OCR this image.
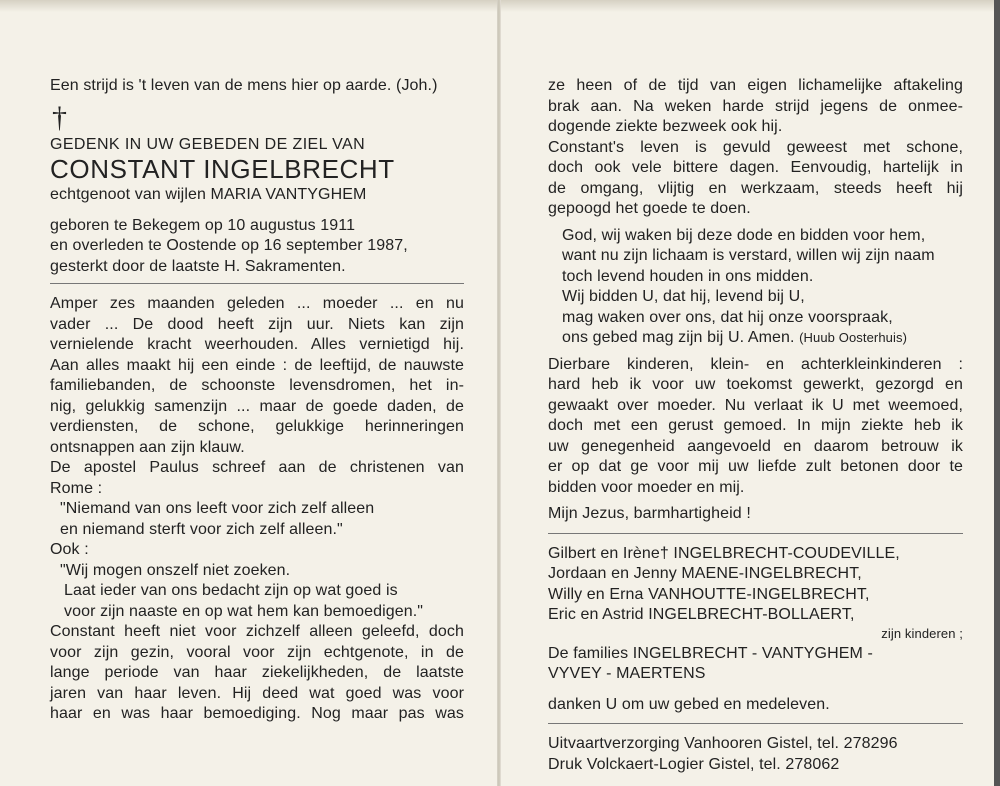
Een strijd is 't leven van de mens hier op aarde. (Joh.)
†
GEDENK IN UW GEBEDEN DE ZIEL VAN
CONSTANT INGELBRECHT
echtgenoot van wijlen MARIA VANTYGHEM
geboren te Bekegem op 10 augustus 1911
en overleden te Oostende op 16 september 1987,
gesterkt door de laatste H. Sakramenten.
Amper zes maanden geleden ... moeder ... en nu
vader ... De dood heeft zijn uur. Niets kan zijn
vernielende kracht weerhouden. Alles vernietigd hij.
Aan alles maakt hij een einde : de leeftijd, de nauwste
familiebanden, de schoonste levensdromen, het in-
nig, gelukkig samenzijn ... maar de goede daden, de
verdiensten, de schone, gelukkige herinneringen
ontsnappen aan zijn klauw.
De apostel Paulus schreef aan de christenen van
Rome :
"Niemand van ons leeft voor zich zelf alleen
en niemand sterft voor zich zelf alleen."
Ook :
"Wij mogen onszelf niet zoeken.
Laat ieder van ons bedacht zijn op wat goed is
voor zijn naaste en op wat hem kan bemoedigen."
Constant heeft niet voor zichzelf alleen geleefd, doch
voor zijn gezin, vooral voor zijn echtgenote, in de
lange periode van haar ziekelijkheden, de laatste
jaren van haar leven. Hij deed wat goed was voor
haar en was haar bemoediging. Nog maar pas was
ze heen of de tijd van eigen lichamelijke aftakeling
brak aan. Na weken harde strijd jegens de onmee-
dogende ziekte bezweek ook hij.
Constant's leven is gevuld geweest met schone,
doch ook vele bittere dagen. Eenvoudig, hartelijk in
de omgang, vlijtig en werkzaam, steeds heeft hij
gepoogd het goede te doen.
God, wij waken bij deze dode en bidden voor hem,
want nu zijn lichaam is verstard, willen wij zijn naam
toch levend houden in ons midden.
Wij bidden U, dat hij, levend bij U,
mag waken over ons, dat hij onze voorspraak,
ons gebed mag zijn bij U. Amen. (Huub Oosterhuis)
Dierbare kinderen, klein- en achterkleinkinderen :
hard heb ik voor uw toekomst gewerkt, gezorgd en
gewaakt over moeder. Nu verlaat ik U met weemoed,
doch met een gerust gemoed. In mijn ziekte heb ik
uw genegenheid aangevoeld en daarom betrouw ik
er op dat ge voor mij uw liefde zult betonen door te
bidden voor moeder en mij.
Mijn Jezus, barmhartigheid !
Gilbert en Irène† INGELBRECHT-COUDEVILLE,
Jordaan en Jenny MAENE-INGELBRECHT,
Willy en Erna VANHOUTTE-INGELBRECHT,
Eric en Astrid INGELBRECHT-BOLLAERT,
zijn kinderen ;
De families INGELBRECHT - VANTYGHEM -
VYVEY - MAERTENS
danken U om uw gebed en medeleven.
Uitvaartverzorging Vanhooren Gistel, tel. 278296
Druk Volckaert-Logier Gistel, tel. 278062
